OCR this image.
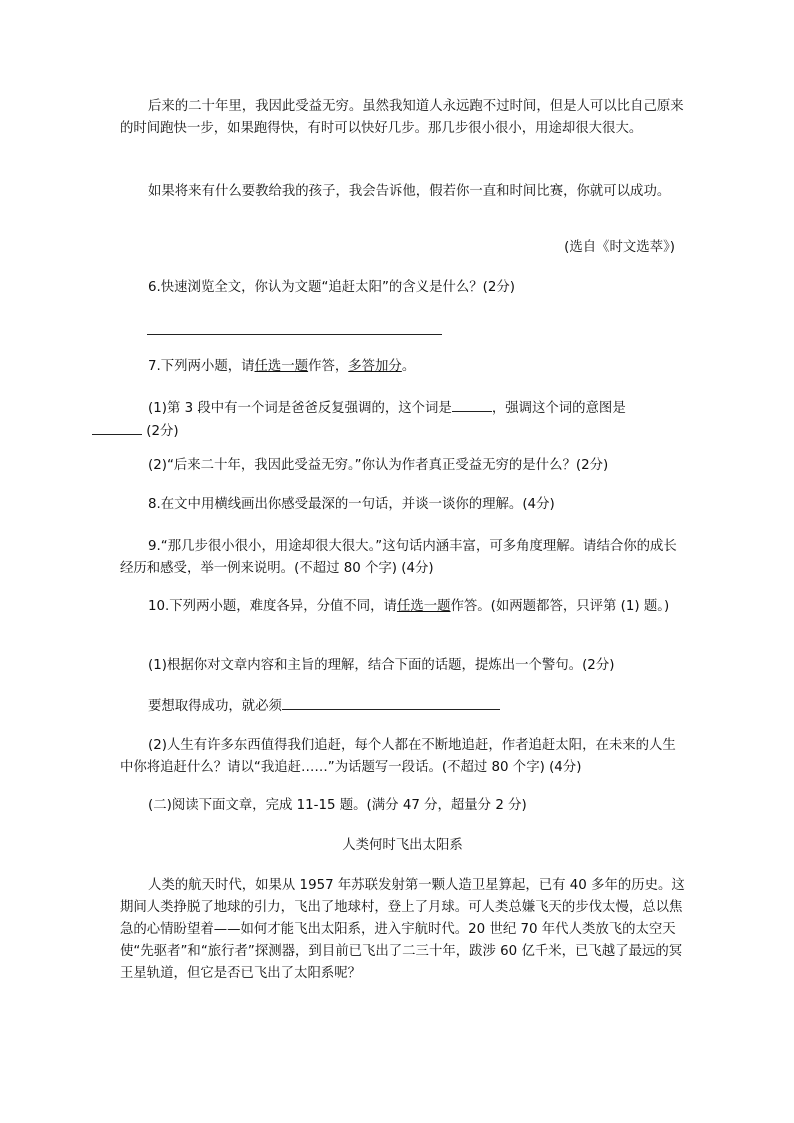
后来的二十年里，我因此受益无穷。虽然我知道人永远跑不过时间，但是人可以比自己原来的时间跑快一步，如果跑得快，有时可以快好几步。那几步很小很小，用途却很大很大。

如果将来有什么要教给我的孩子，我会告诉他，假若你一直和时间比赛，你就可以成功。

(选自《时文选萃》)

6.快速浏览全文，你认为文题“追赶太阳”的含义是什么？(2分)

7.下列两小题，请任选一题作答，多答加分。

(1)第 3 段中有一个词是爸爸反复强调的，这个词是	，强调这个词的意图是
(2分)

(2)“后来二十年，我因此受益无穷。”你认为作者真正受益无穷的是什么？(2分)

8.在文中用横线画出你感受最深的一句话，并谈一谈你的理解。(4分)

9.“那几步很小很小，用途却很大很大。”这句话内涵丰富，可多角度理解。请结合你的成长经历和感受，举一例来说明。(不超过 80 个字) (4分)

10.下列两小题，难度各异，分值不同，请任选一题作答。(如两题都答，只评第 (1) 题。)

(1)根据你对文章内容和主旨的理解，结合下面的话题，提炼出一个警句。(2分)

要想取得成功，就必须

(2)人生有许多东西值得我们追赶，每个人都在不断地追赶，作者追赶太阳，在未来的人生中你将追赶什么？请以“我追赶……”为话题写一段话。(不超过 80 个字) (4分)

(二)阅读下面文章，完成 11-15 题。(满分 47 分，超量分 2 分)

人类何时飞出太阳系

人类的航天时代，如果从 1957 年苏联发射第一颗人造卫星算起，已有 40 多年的历史。这期间人类挣脱了地球的引力，飞出了地球村，登上了月球。可人类总嫌飞天的步伐太慢，总以焦急的心情盼望着——如何才能飞出太阳系，进入宇航时代。20 世纪 70 年代人类放飞的太空天使“先驱者”和“旅行者”探测器，到目前已飞出了二三十年，跋涉 60 亿千米，已飞越了最远的冥王星轨道，但它是否已飞出了太阳系呢？
